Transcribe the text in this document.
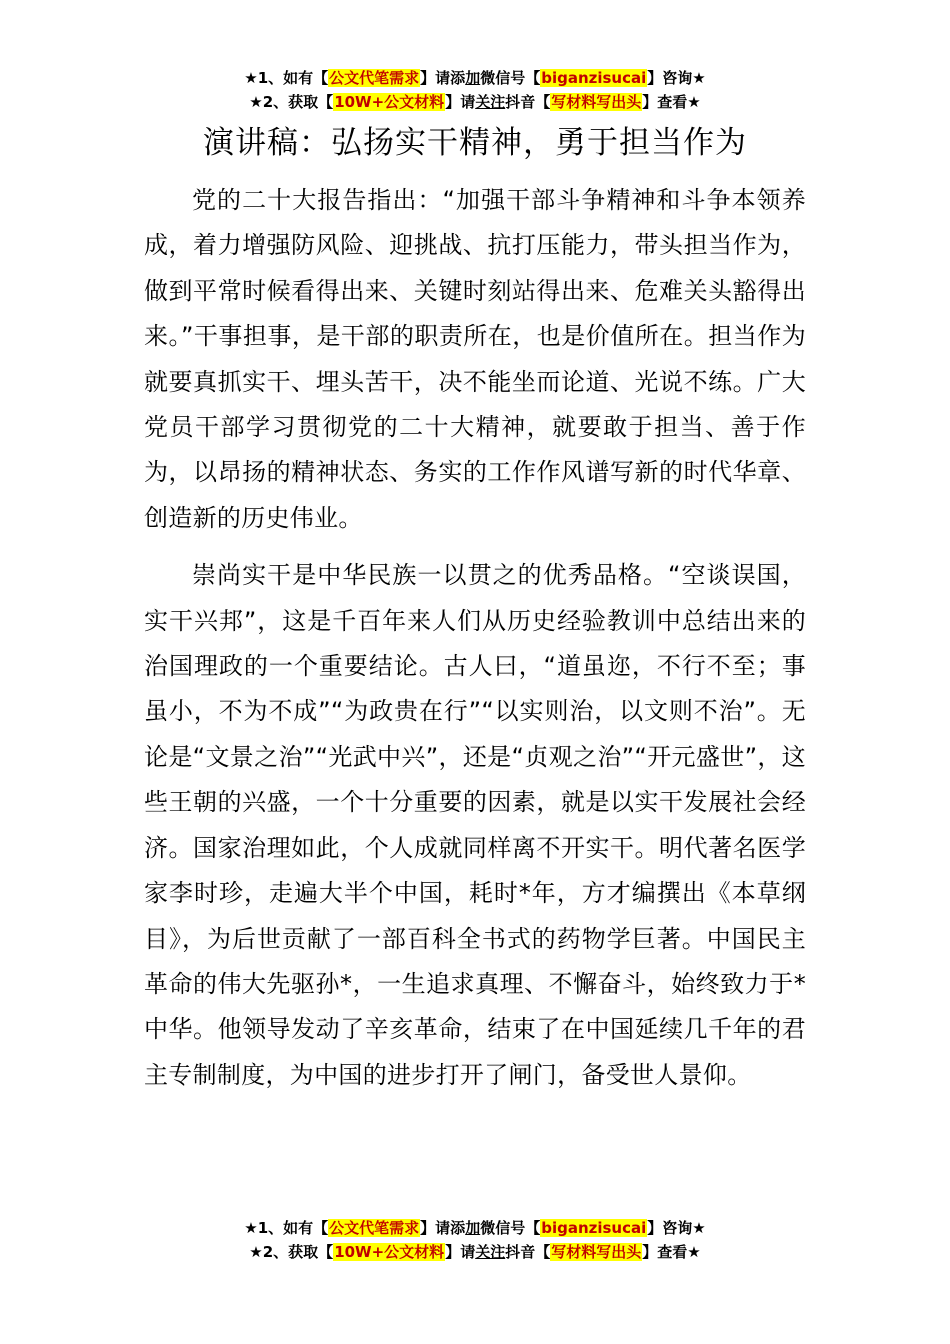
★1、如有【公文代笔需求】请添加微信号【biganzisucai】咨询★
★2、获取【10W+公文材料】请关注抖音【写材料写出头】查看★
演讲稿：弘扬实干精神，勇于担当作为

党的二十大报告指出：“加强干部斗争精神和斗争本领养成，着力增强防风险、迎挑战、抗打压能力，带头担当作为，做到平常时候看得出来、关键时刻站得出来、危难关头豁得出来。”干事担事，是干部的职责所在，也是价值所在。担当作为就要真抓实干、埋头苦干，决不能坐而论道、光说不练。广大党员干部学习贯彻党的二十大精神，就要敢于担当、善于作为，以昂扬的精神状态、务实的工作作风谱写新的时代华章、创造新的历史伟业。

崇尚实干是中华民族一以贯之的优秀品格。“空谈误国，实干兴邦”，这是千百年来人们从历史经验教训中总结出来的治国理政的一个重要结论。古人曰，“道虽迩，不行不至；事虽小，不为不成”“为政贵在行”“以实则治，以文则不治”。无论是“文景之治”“光武中兴”，还是“贞观之治”“开元盛世”，这些王朝的兴盛，一个十分重要的因素，就是以实干发展社会经济。国家治理如此，个人成就同样离不开实干。明代著名医学家李时珍，走遍大半个中国，耗时*年，方才编撰出《本草纲目》，为后世贡献了一部百科全书式的药物学巨著。中国民主革命的伟大先驱孙*，一生追求真理、不懈奋斗，始终致力于*中华。他领导发动了辛亥革命，结束了在中国延续几千年的君主专制制度，为中国的进步打开了闸门，备受世人景仰。

★1、如有【公文代笔需求】请添加微信号【biganzisucai】咨询★
★2、获取【10W+公文材料】请关注抖音【写材料写出头】查看★
